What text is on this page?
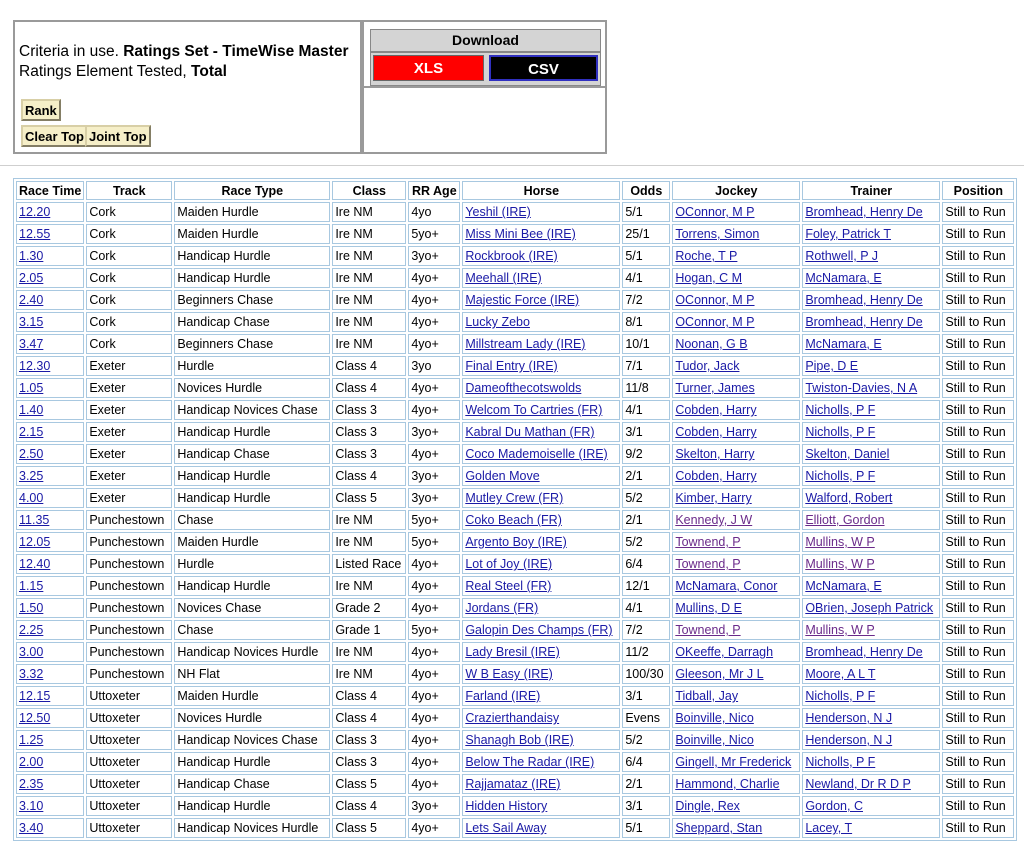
Criteria in use. Ratings Set - TimeWise Master
Ratings Element Tested, Total
Rank
Clear Top Joint Top
Download
XLS	CSV
Race Time	Track	Race Type	Class	RR Age	Horse	Odds	Jockey	Trainer	Position
12.20	Cork	Maiden Hurdle	Ire NM	4yo	Yeshil (IRE)	5/1	OConnor, M P	Bromhead, Henry De	Still to Run
12.55	Cork	Maiden Hurdle	Ire NM	5yo+	Miss Mini Bee (IRE)	25/1	Torrens, Simon	Foley, Patrick T	Still to Run
1.30	Cork	Handicap Hurdle	Ire NM	3yo+	Rockbrook (IRE)	5/1	Roche, T P	Rothwell, P J	Still to Run
2.05	Cork	Handicap Hurdle	Ire NM	4yo+	Meehall (IRE)	4/1	Hogan, C M	McNamara, E	Still to Run
2.40	Cork	Beginners Chase	Ire NM	4yo+	Majestic Force (IRE)	7/2	OConnor, M P	Bromhead, Henry De	Still to Run
3.15	Cork	Handicap Chase	Ire NM	4yo+	Lucky Zebo	8/1	OConnor, M P	Bromhead, Henry De	Still to Run
3.47	Cork	Beginners Chase	Ire NM	4yo+	Millstream Lady (IRE)	10/1	Noonan, G B	McNamara, E	Still to Run
12.30	Exeter	Hurdle	Class 4	3yo	Final Entry (IRE)	7/1	Tudor, Jack	Pipe, D E	Still to Run
1.05	Exeter	Novices Hurdle	Class 4	4yo+	Dameofthecotswolds	11/8	Turner, James	Twiston-Davies, N A	Still to Run
1.40	Exeter	Handicap Novices Chase	Class 3	4yo+	Welcom To Cartries (FR)	4/1	Cobden, Harry	Nicholls, P F	Still to Run
2.15	Exeter	Handicap Hurdle	Class 3	3yo+	Kabral Du Mathan (FR)	3/1	Cobden, Harry	Nicholls, P F	Still to Run
2.50	Exeter	Handicap Chase	Class 3	4yo+	Coco Mademoiselle (IRE)	9/2	Skelton, Harry	Skelton, Daniel	Still to Run
3.25	Exeter	Handicap Hurdle	Class 4	3yo+	Golden Move	2/1	Cobden, Harry	Nicholls, P F	Still to Run
4.00	Exeter	Handicap Hurdle	Class 5	3yo+	Mutley Crew (FR)	5/2	Kimber, Harry	Walford, Robert	Still to Run
11.35	Punchestown	Chase	Ire NM	5yo+	Coko Beach (FR)	2/1	Kennedy, J W	Elliott, Gordon	Still to Run
12.05	Punchestown	Maiden Hurdle	Ire NM	5yo+	Argento Boy (IRE)	5/2	Townend, P	Mullins, W P	Still to Run
12.40	Punchestown	Hurdle	Listed Race	4yo+	Lot of Joy (IRE)	6/4	Townend, P	Mullins, W P	Still to Run
1.15	Punchestown	Handicap Hurdle	Ire NM	4yo+	Real Steel (FR)	12/1	McNamara, Conor	McNamara, E	Still to Run
1.50	Punchestown	Novices Chase	Grade 2	4yo+	Jordans (FR)	4/1	Mullins, D E	OBrien, Joseph Patrick	Still to Run
2.25	Punchestown	Chase	Grade 1	5yo+	Galopin Des Champs (FR)	7/2	Townend, P	Mullins, W P	Still to Run
3.00	Punchestown	Handicap Novices Hurdle	Ire NM	4yo+	Lady Bresil (IRE)	11/2	OKeeffe, Darragh	Bromhead, Henry De	Still to Run
3.32	Punchestown	NH Flat	Ire NM	4yo+	W B Easy (IRE)	100/30	Gleeson, Mr J L	Moore, A L T	Still to Run
12.15	Uttoxeter	Maiden Hurdle	Class 4	4yo+	Farland (IRE)	3/1	Tidball, Jay	Nicholls, P F	Still to Run
12.50	Uttoxeter	Novices Hurdle	Class 4	4yo+	Crazierthandaisy	Evens	Boinville, Nico	Henderson, N J	Still to Run
1.25	Uttoxeter	Handicap Novices Chase	Class 3	4yo+	Shanagh Bob (IRE)	5/2	Boinville, Nico	Henderson, N J	Still to Run
2.00	Uttoxeter	Handicap Hurdle	Class 3	4yo+	Below The Radar (IRE)	6/4	Gingell, Mr Frederick	Nicholls, P F	Still to Run
2.35	Uttoxeter	Handicap Chase	Class 5	4yo+	Rajjamataz (IRE)	2/1	Hammond, Charlie	Newland, Dr R D P	Still to Run
3.10	Uttoxeter	Handicap Hurdle	Class 4	3yo+	Hidden History	3/1	Dingle, Rex	Gordon, C	Still to Run
3.40	Uttoxeter	Handicap Novices Hurdle	Class 5	4yo+	Lets Sail Away	5/1	Sheppard, Stan	Lacey, T	Still to Run
